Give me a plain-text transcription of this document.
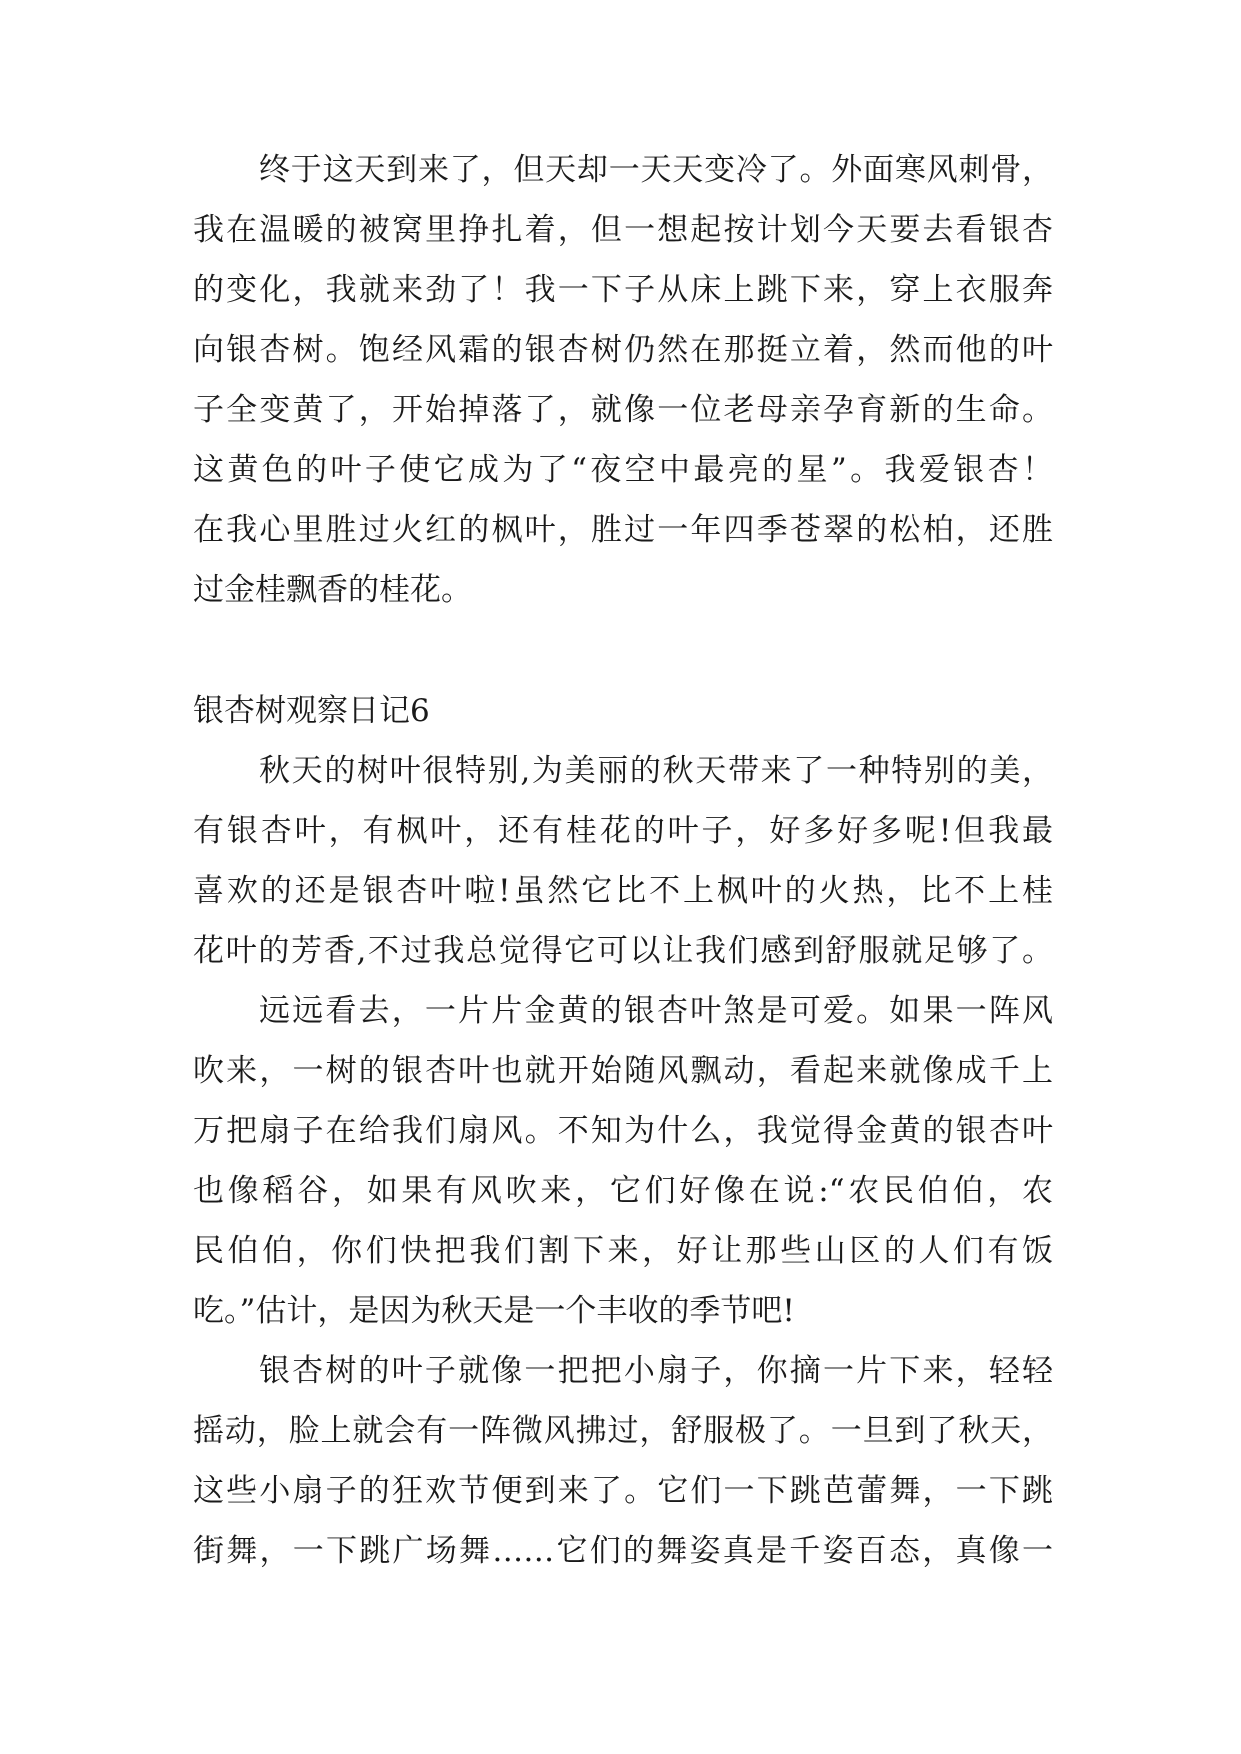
终于这天到来了，但天却一天天变冷了。外面寒风刺骨，
我在温暖的被窝里挣扎着，但一想起按计划今天要去看银杏
的变化，我就来劲了！我一下子从床上跳下来，穿上衣服奔
向银杏树。饱经风霜的银杏树仍然在那挺立着，然而他的叶
子全变黄了，开始掉落了，就像一位老母亲孕育新的生命。
这黄色的叶子使它成为了“夜空中最亮的星”。我爱银杏！
在我心里胜过火红的枫叶，胜过一年四季苍翠的松柏，还胜
过金桂飘香的桂花。
银杏树观察日记6
秋天的树叶很特别,为美丽的秋天带来了一种特别的美，
有银杏叶，有枫叶，还有桂花的叶子，好多好多呢!但我最
喜欢的还是银杏叶啦!虽然它比不上枫叶的火热，比不上桂
花叶的芳香,不过我总觉得它可以让我们感到舒服就足够了。
远远看去，一片片金黄的银杏叶煞是可爱。如果一阵风
吹来，一树的银杏叶也就开始随风飘动，看起来就像成千上
万把扇子在给我们扇风。不知为什么，我觉得金黄的银杏叶
也像稻谷，如果有风吹来，它们好像在说:“农民伯伯，农
民伯伯，你们快把我们割下来，好让那些山区的人们有饭
吃。”估计，是因为秋天是一个丰收的季节吧!
银杏树的叶子就像一把把小扇子，你摘一片下来，轻轻
摇动，脸上就会有一阵微风拂过，舒服极了。一旦到了秋天，
这些小扇子的狂欢节便到来了。它们一下跳芭蕾舞，一下跳
街舞，一下跳广场舞……它们的舞姿真是千姿百态，真像一
